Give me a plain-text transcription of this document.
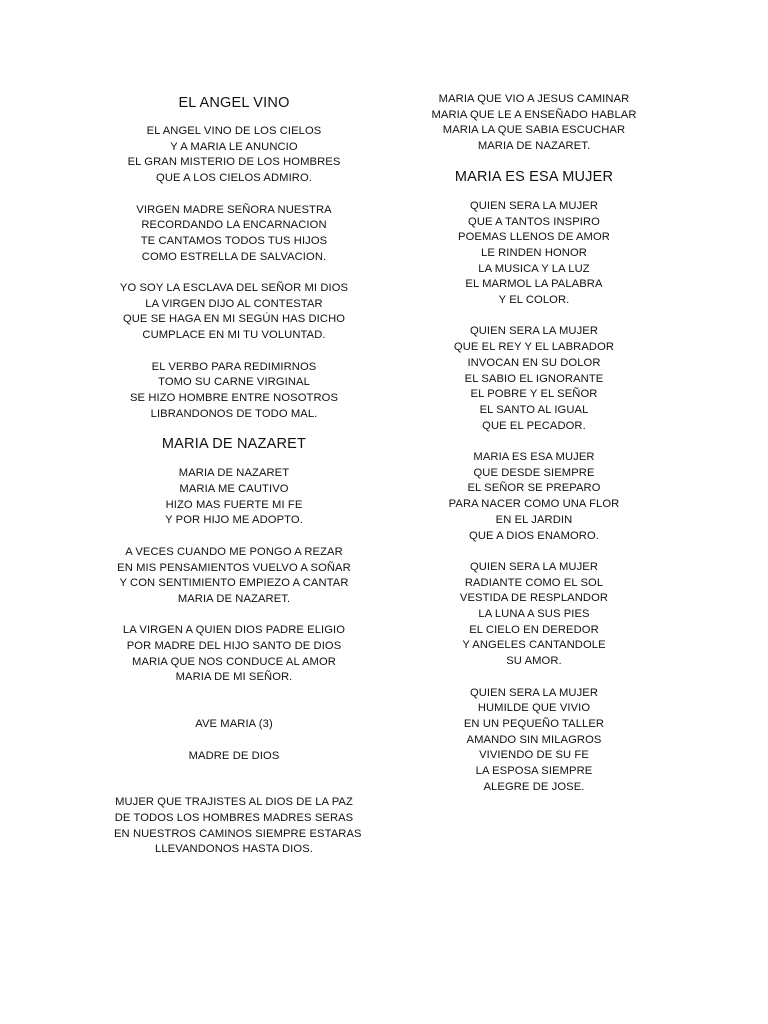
EL ANGEL VINO
EL ANGEL VINO DE LOS CIELOS
Y A MARIA LE ANUNCIO
EL GRAN MISTERIO DE LOS HOMBRES
QUE A LOS CIELOS ADMIRO.
VIRGEN MADRE SEÑORA NUESTRA
RECORDANDO LA ENCARNACION
TE CANTAMOS TODOS TUS HIJOS
COMO ESTRELLA DE SALVACION.
YO SOY LA ESCLAVA DEL SEÑOR MI DIOS
LA VIRGEN DIJO AL CONTESTAR
QUE SE HAGA EN MI SEGÚN HAS DICHO
CUMPLACE EN MI TU VOLUNTAD.
EL VERBO PARA REDIMIRNOS
TOMO SU CARNE VIRGINAL
SE HIZO HOMBRE ENTRE NOSOTROS
LIBRANDONOS DE TODO MAL.
MARIA DE NAZARET
MARIA DE NAZARET
MARIA ME CAUTIVO
HIZO MAS FUERTE MI FE
Y POR HIJO ME ADOPTO.
A VECES CUANDO ME PONGO A REZAR
EN MIS PENSAMIENTOS VUELVO A SOÑAR
Y CON SENTIMIENTO EMPIEZO A CANTAR
MARIA DE NAZARET.
LA VIRGEN A QUIEN DIOS PADRE ELIGIO
POR MADRE DEL HIJO SANTO DE DIOS
MARIA QUE NOS CONDUCE AL AMOR
MARIA DE MI SEÑOR.
AVE MARIA (3)
MADRE DE DIOS
MUJER QUE TRAJISTES AL DIOS DE LA PAZ
DE TODOS LOS HOMBRES MADRES SERAS
EN NUESTROS CAMINOS SIEMPRE ESTARAS
LLEVANDONOS HASTA DIOS.
MARIA QUE VIO A JESUS CAMINAR
MARIA QUE LE A ENSEÑADO HABLAR
MARIA LA QUE SABIA ESCUCHAR
MARIA DE NAZARET.
MARIA ES ESA MUJER
QUIEN SERA LA MUJER
QUE A TANTOS INSPIRO
POEMAS LLENOS DE AMOR
LE RINDEN HONOR
LA MUSICA Y LA LUZ
EL MARMOL LA PALABRA
Y EL COLOR.
QUIEN SERA LA MUJER
QUE EL REY Y EL LABRADOR
INVOCAN EN SU DOLOR
EL SABIO EL IGNORANTE
EL POBRE Y EL SEÑOR
EL SANTO AL IGUAL
QUE EL PECADOR.
MARIA ES ESA MUJER
QUE DESDE SIEMPRE
EL SEÑOR SE PREPARO
PARA NACER COMO UNA FLOR
EN EL JARDIN
QUE A DIOS ENAMORO.
QUIEN SERA LA MUJER
RADIANTE COMO EL SOL
VESTIDA DE RESPLANDOR
LA LUNA A SUS PIES
EL CIELO EN DEREDOR
Y ANGELES CANTANDOLE
SU AMOR.
QUIEN SERA LA MUJER
HUMILDE QUE VIVIO
EN UN PEQUEÑO TALLER
AMANDO SIN MILAGROS
VIVIENDO DE SU FE
LA ESPOSA SIEMPRE
ALEGRE DE JOSE.
